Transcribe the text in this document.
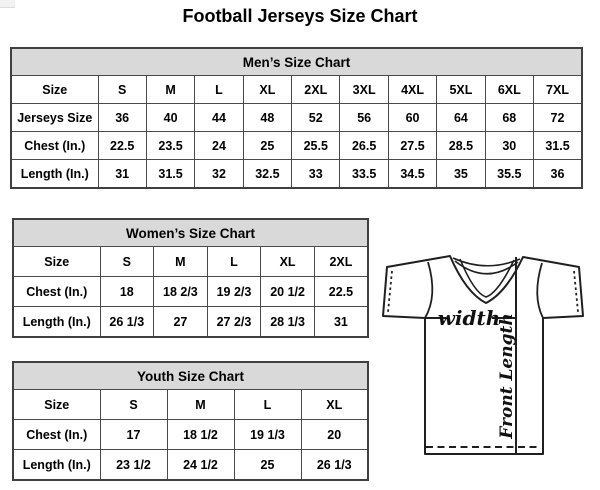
Football Jerseys Size Chart
Men’s Size Chart										
Size	S	M	L	XL	2XL	3XL	4XL	5XL	6XL	7XL
Jerseys Size	36	40	44	48	52	56	60	64	68	72
Chest (In.)	22.5	23.5	24	25	25.5	26.5	27.5	28.5	30	31.5
Length (In.)	31	31.5	32	32.5	33	33.5	34.5	35	35.5	36
Women’s Size Chart					
Size	S	M	L	XL	2XL
Chest (In.)	18	18 2/3	19 2/3	20 1/2	22.5
Length (In.)	26 1/3	27	27 2/3	28 1/3	31
Youth Size Chart				
Size	S	M	L	XL
Chest (In.)	17	18 1/2	19 1/3	20
Length (In.)	23 1/2	24 1/2	25	26 1/3
width
Front Length
